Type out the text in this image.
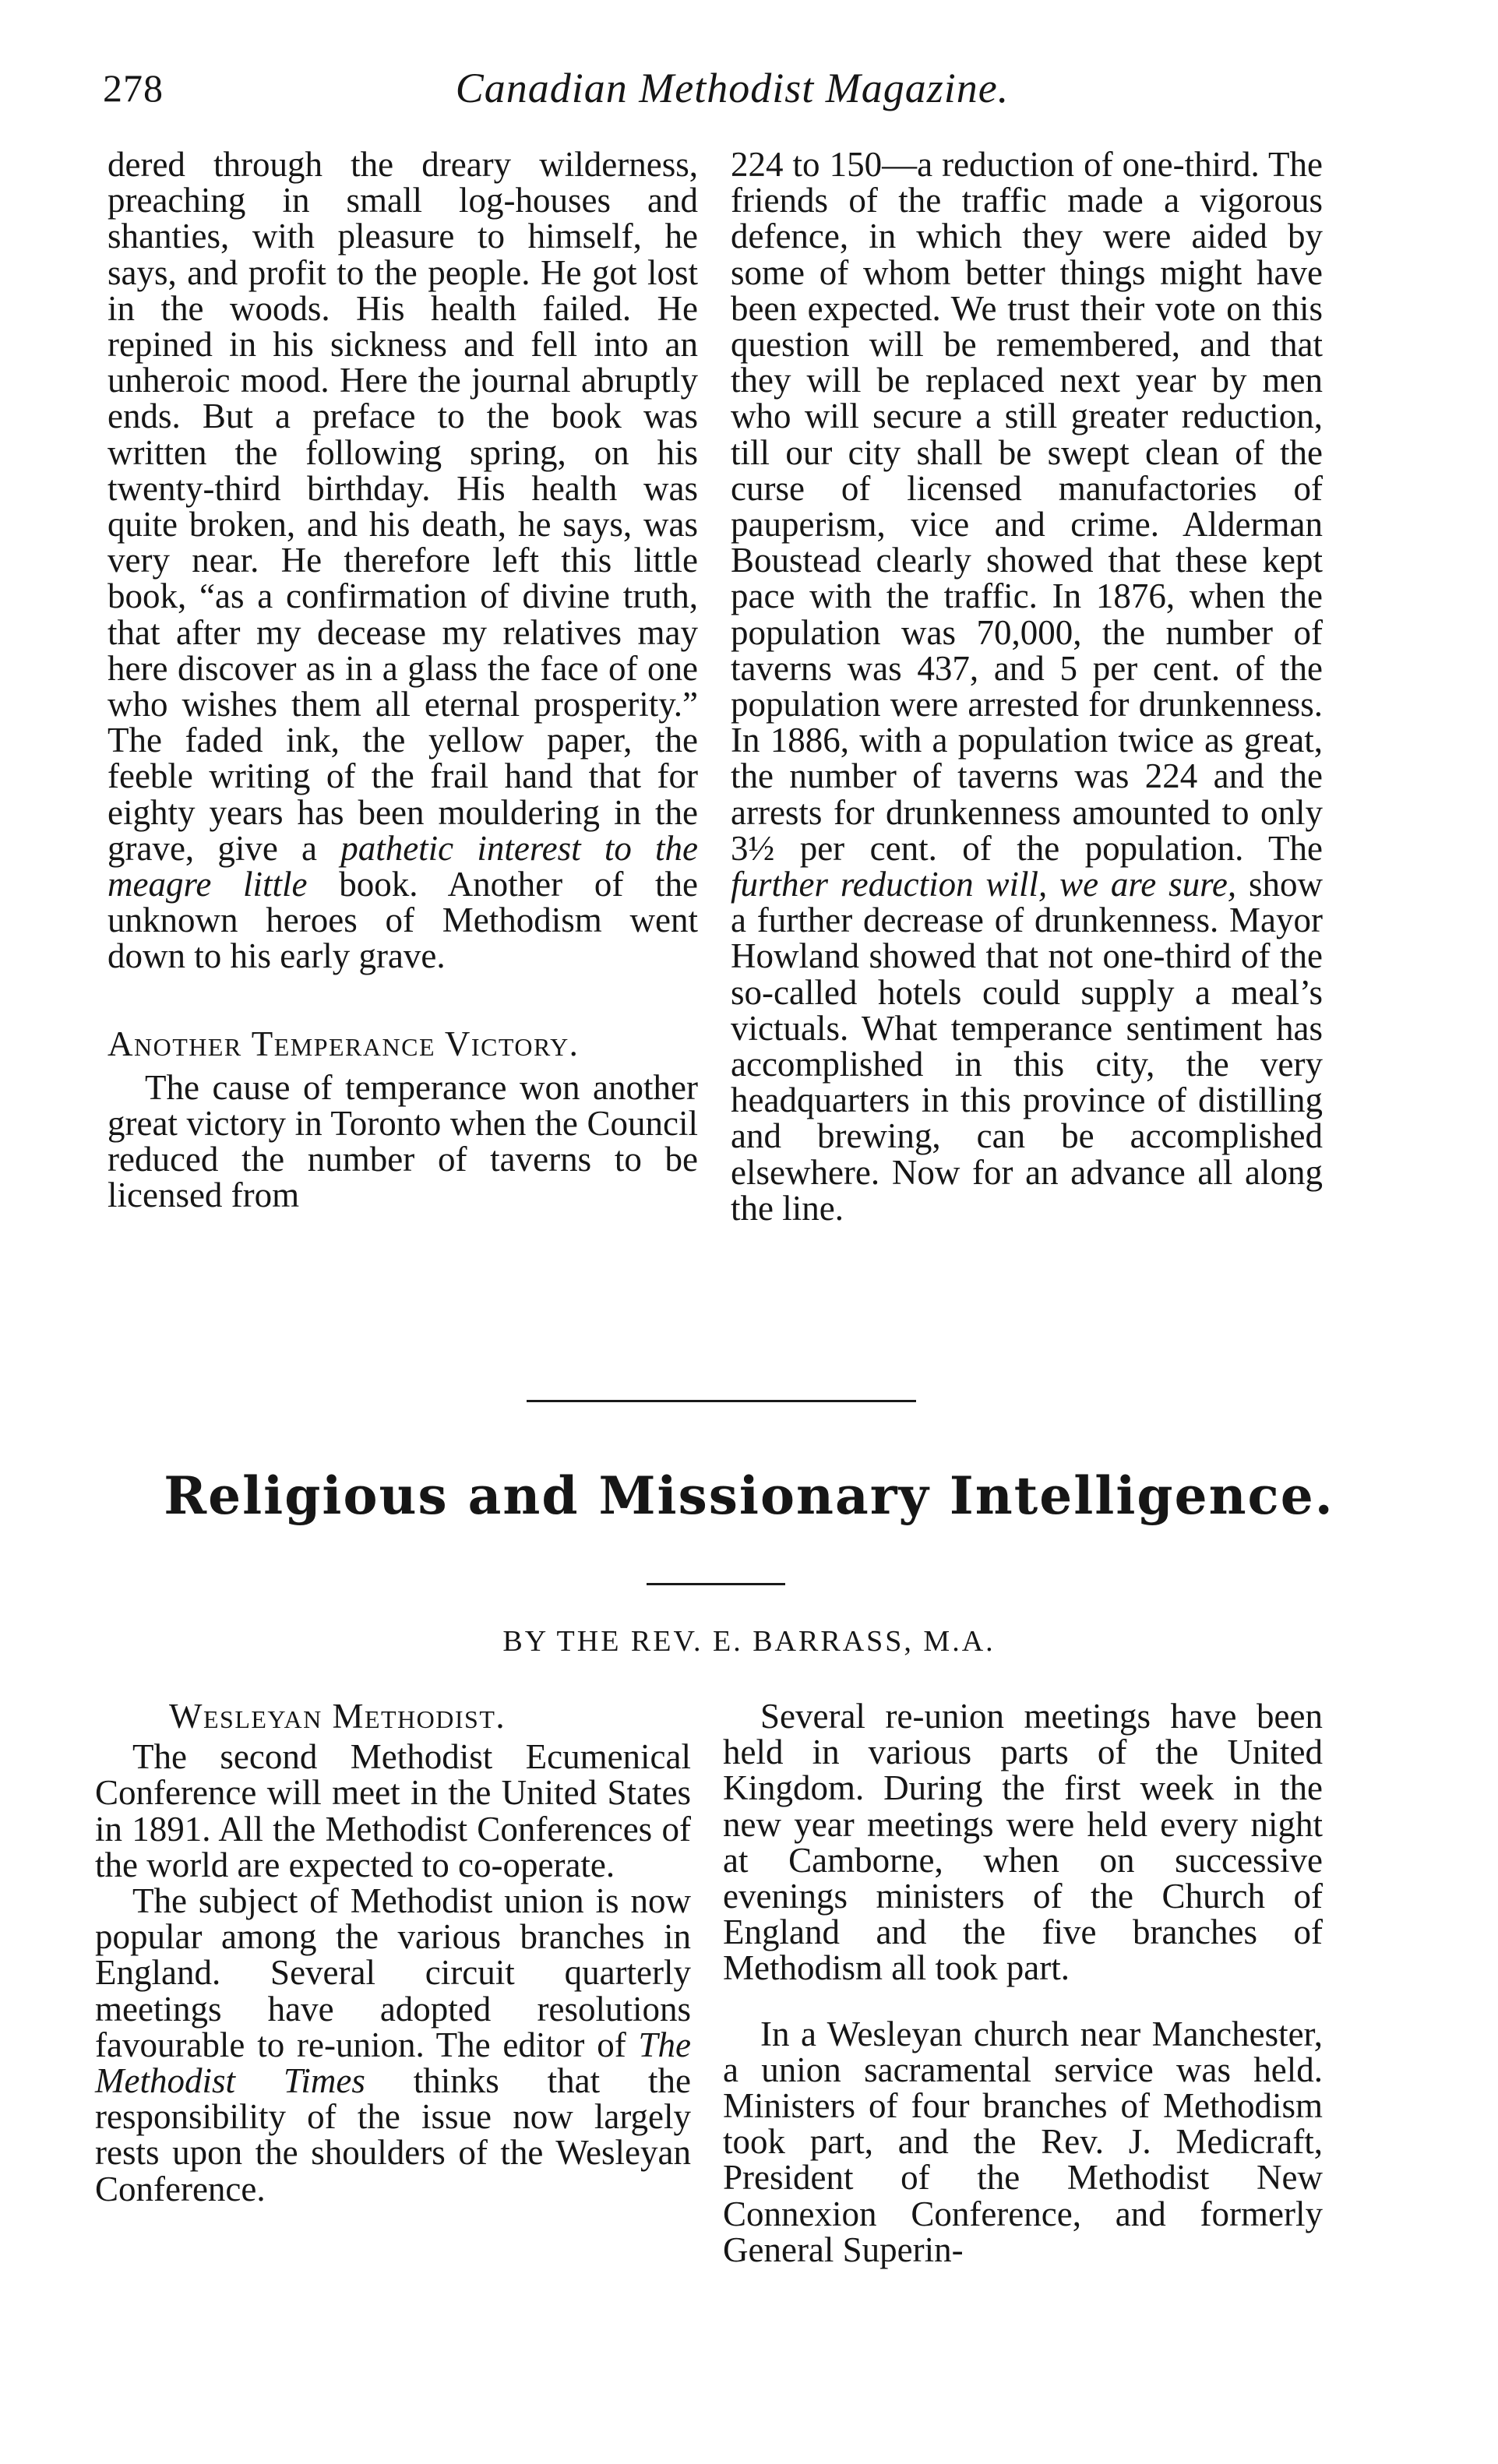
278	Canadian Methodist Magazine.

dered through the dreary wilderness, preaching in small log-houses and shanties, with pleasure to himself, he says, and profit to the people. He got lost in the woods. His health failed. He repined in his sickness and fell into an unheroic mood. Here the journal abruptly ends. But a preface to the book was written the following spring, on his twenty-third birthday. His health was quite broken, and his death, he says, was very near. He therefore left this little book, “as a confirmation of divine truth, that after my decease my relatives may here discover as in a glass the face of one who wishes them all eternal prosperity.” The faded ink, the yellow paper, the feeble writing of the frail hand that for eighty years has been mouldering in the grave, give a pathetic interest to the meagre little book. Another of the unknown heroes of Methodism went down to his early grave.

Another Temperance Victory.

The cause of temperance won another great victory in Toronto when the Council reduced the number of taverns to be licensed from

224 to 150—a reduction of one-third. The friends of the traffic made a vigorous defence, in which they were aided by some of whom better things might have been expected. We trust their vote on this question will be remembered, and that they will be replaced next year by men who will secure a still greater reduction, till our city shall be swept clean of the curse of licensed manufactories of pauperism, vice and crime. Alderman Boustead clearly showed that these kept pace with the traffic. In 1876, when the population was 70,000, the number of taverns was 437, and 5 per cent. of the population were arrested for drunkenness. In 1886, with a population twice as great, the number of taverns was 224 and the arrests for drunkenness amounted to only 3½ per cent. of the population. The further reduction will, we are sure, show a further decrease of drunkenness. Mayor Howland showed that not one-third of the so-called hotels could supply a meal’s victuals. What temperance sentiment has accomplished in this city, the very headquarters in this province of distilling and brewing, can be accomplished elsewhere. Now for an advance all along the line.

Religious and Missionary Intelligence.
BY THE REV. E. BARRASS, M.A.

Wesleyan Methodist.

The second Methodist Ecumenical Conference will meet in the United States in 1891. All the Methodist Conferences of the world are expected to co-operate.

The subject of Methodist union is now popular among the various branches in England. Several circuit quarterly meetings have adopted resolutions favourable to re-union. The editor of The Methodist Times thinks that the responsibility of the issue now largely rests upon the shoulders of the Wesleyan Conference.

Several re-union meetings have been held in various parts of the United Kingdom. During the first week in the new year meetings were held every night at Camborne, when on successive evenings ministers of the Church of England and the five branches of Methodism all took part.

In a Wesleyan church near Manchester, a union sacramental service was held. Ministers of four branches of Methodism took part, and the Rev. J. Medicraft, President of the Methodist New Connexion Conference, and formerly General Superin-
